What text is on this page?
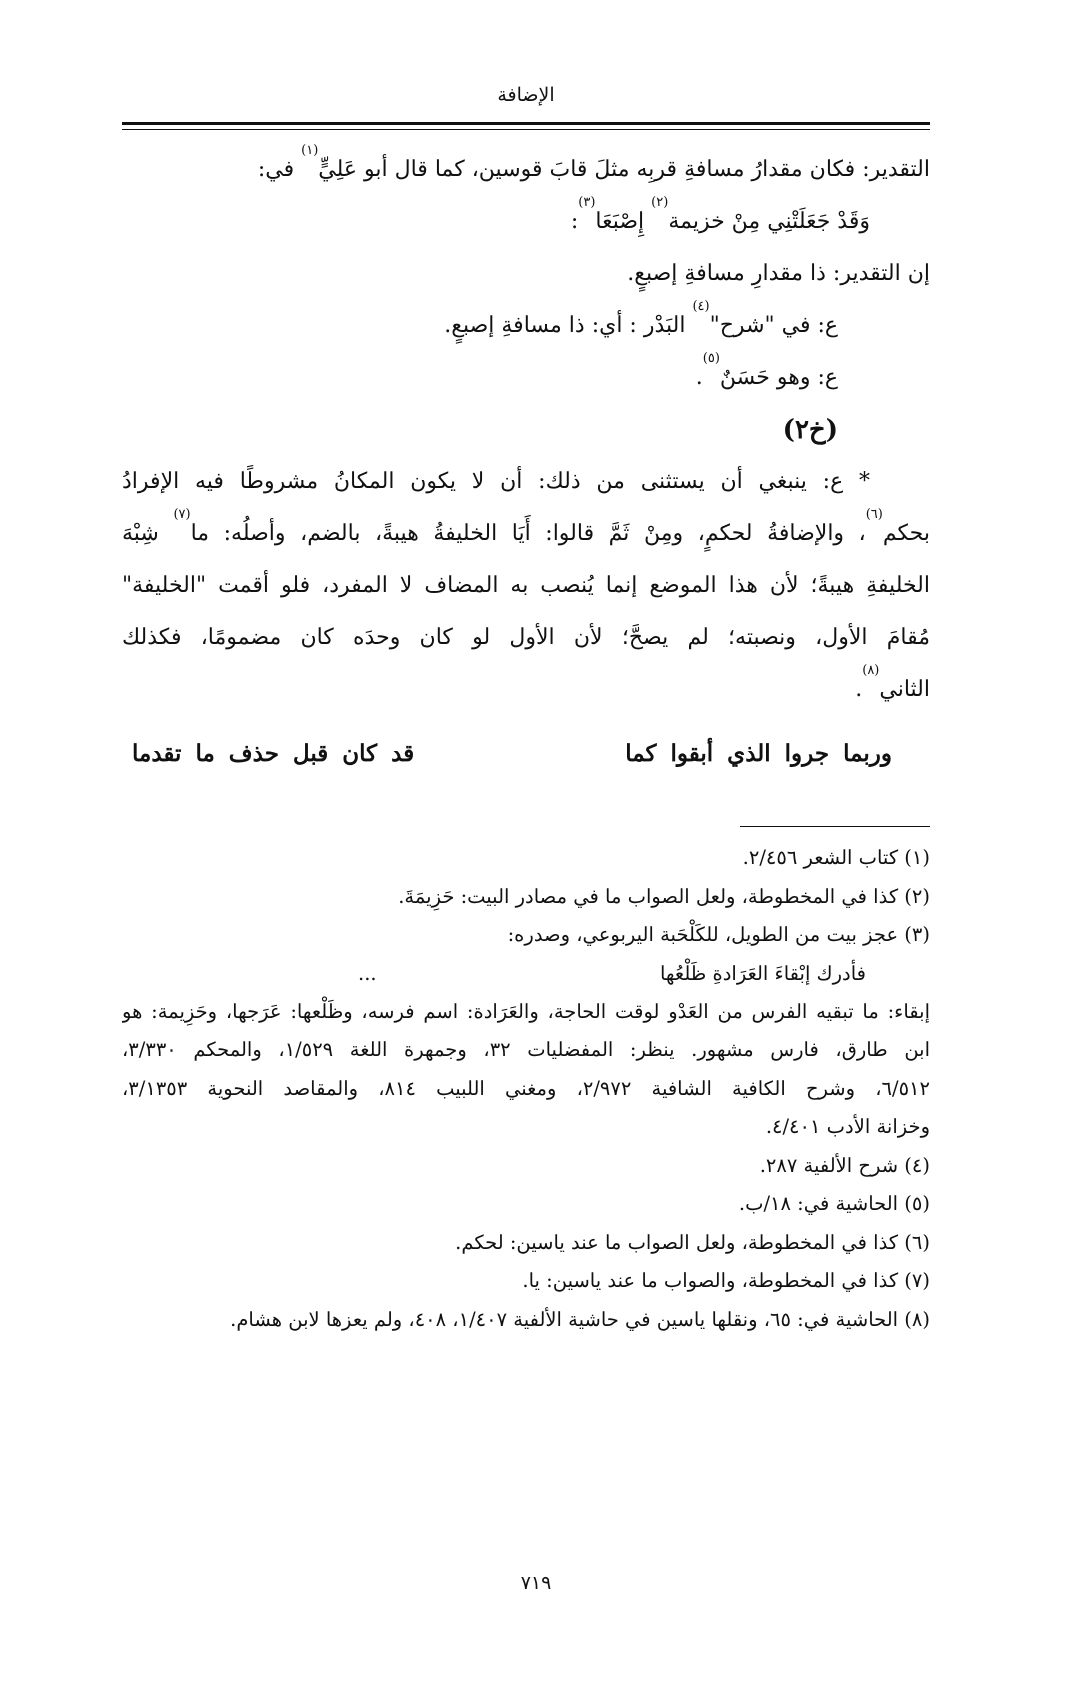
الإضافة
التقدير: فكان مقدارُ مسافةِ قربِه مثلَ قابَ قوسين، كما قال أبو عَلِيٍّ$^{(١)}$ في:
وَقَدْ جَعَلَتْنِي مِنْ خزيمة$^{(٢)}$ إِصْبَعَا$^{(٣)}$:
إن التقدير: ذا مقدارِ مسافةِ إصبعٍ.
ع: في "شرح"$^{(٤)}$ البَدْر : أي: ذا مسافةِ إصبعٍ.
ع: وهو حَسَنٌ$^{(٥)}$.
(خ٢)
* ع: ينبغي أن يستثنى من ذلك: أن لا يكون المكانُ مشروطًا فيه الإفرادُ
بحكم$^{(٦)}$، والإضافةُ لحكمٍ، ومِنْ ثَمَّ قالوا: أَيَا الخليفةُ هيبةً، بالضم، وأصلُه: ما$^{(٧)}$ شِبْهَ
الخليفةِ هيبةً؛ لأن هذا الموضع إنما يُنصب به المضاف لا المفرد، فلو أقمت "الخليفة"
مُقامَ الأول، ونصبته؛ لم يصحَّ؛ لأن الأول لو كان وحدَه كان مضمومًا، فكذلك
الثاني$^{(٨)}$.
وربما جروا الذي أبقوا كما
قد كان قبل حذف ما تقدما
(١) كتاب الشعر ٢/٤٥٦.
(٢) كذا في المخطوطة، ولعل الصواب ما في مصادر البيت: حَزِيمَةَ.
(٣) عجز بيت من الطويل، للكَلْحَبة اليربوعي، وصدره:
فأدرك إبْقاءَ العَرَادةِ ظَلْعُها
...
إبقاء: ما تبقيه الفرس من العَدْو لوقت الحاجة، والعَرَادة: اسم فرسه، وظَلْعها: عَرَجها، وحَزِيمة: هو
ابن طارق، فارس مشهور. ينظر: المفضليات ٣٢، وجمهرة اللغة ١/٥٢٩، والمحكم ٣/٣٣٠،
٦/٥١٢، وشرح الكافية الشافية ٢/٩٧٢، ومغني اللبيب ٨١٤، والمقاصد النحوية ٣/١٣٥٣،
وخزانة الأدب ٤/٤٠١.
(٤) شرح الألفية ٢٨٧.
(٥) الحاشية في: ١٨/ب.
(٦) كذا في المخطوطة، ولعل الصواب ما عند ياسين: لحكم.
(٧) كذا في المخطوطة، والصواب ما عند ياسين: يا.
(٨) الحاشية في: ٦٥، ونقلها ياسين في حاشية الألفية ١/٤٠٧، ٤٠٨، ولم يعزها لابن هشام.
٧١٩
